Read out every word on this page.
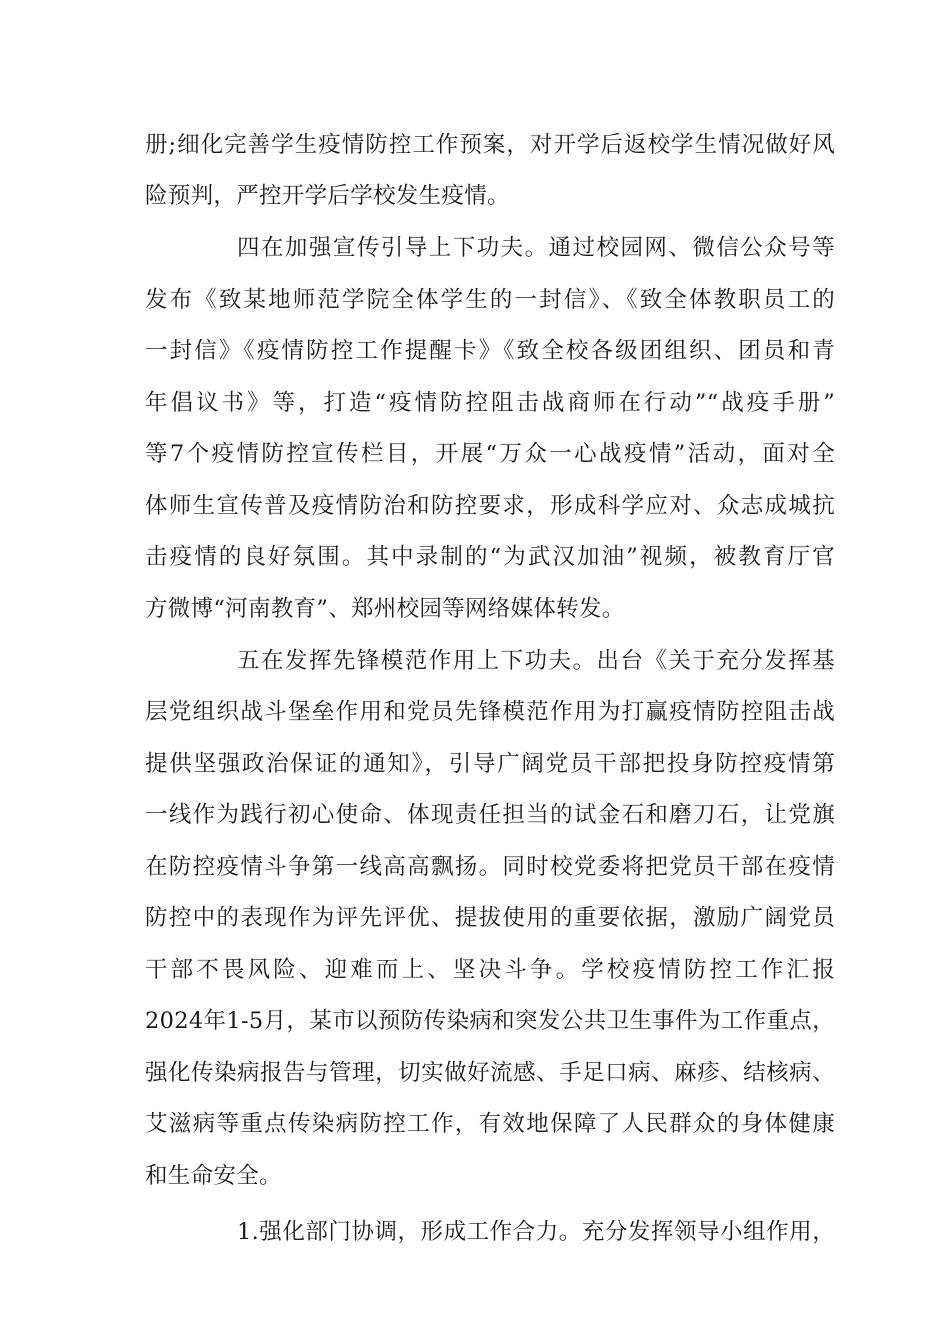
册;细化完善学生疫情防控工作预案，对开学后返校学生情况做好风
险预判，严控开学后学校发生疫情。
四在加强宣传引导上下功夫。通过校园网、微信公众号等
发布《致某地师范学院全体学生的一封信》、《致全体教职员工的
一封信》《疫情防控工作提醒卡》《致全校各级团组织、团员和青
年倡议书》等，打造“疫情防控阻击战商师在行动”“战疫手册”
等7个疫情防控宣传栏目，开展“万众一心战疫情”活动，面对全
体师生宣传普及疫情防治和防控要求，形成科学应对、众志成城抗
击疫情的良好氛围。其中录制的“为武汉加油”视频，被教育厅官
方微博“河南教育”、郑州校园等网络媒体转发。
五在发挥先锋模范作用上下功夫。出台《关于充分发挥基
层党组织战斗堡垒作用和党员先锋模范作用为打赢疫情防控阻击战
提供坚强政治保证的通知》，引导广阔党员干部把投身防控疫情第
一线作为践行初心使命、体现责任担当的试金石和磨刀石，让党旗
在防控疫情斗争第一线高高飘扬。同时校党委将把党员干部在疫情
防控中的表现作为评先评优、提拔使用的重要依据，激励广阔党员
干部不畏风险、迎难而上、坚决斗争。学校疫情防控工作汇报
2024年1-5月，某市以预防传染病和突发公共卫生事件为工作重点，
强化传染病报告与管理，切实做好流感、手足口病、麻疹、结核病、
艾滋病等重点传染病防控工作，有效地保障了人民群众的身体健康
和生命安全。
1.强化部门协调，形成工作合力。充分发挥领导小组作用，
